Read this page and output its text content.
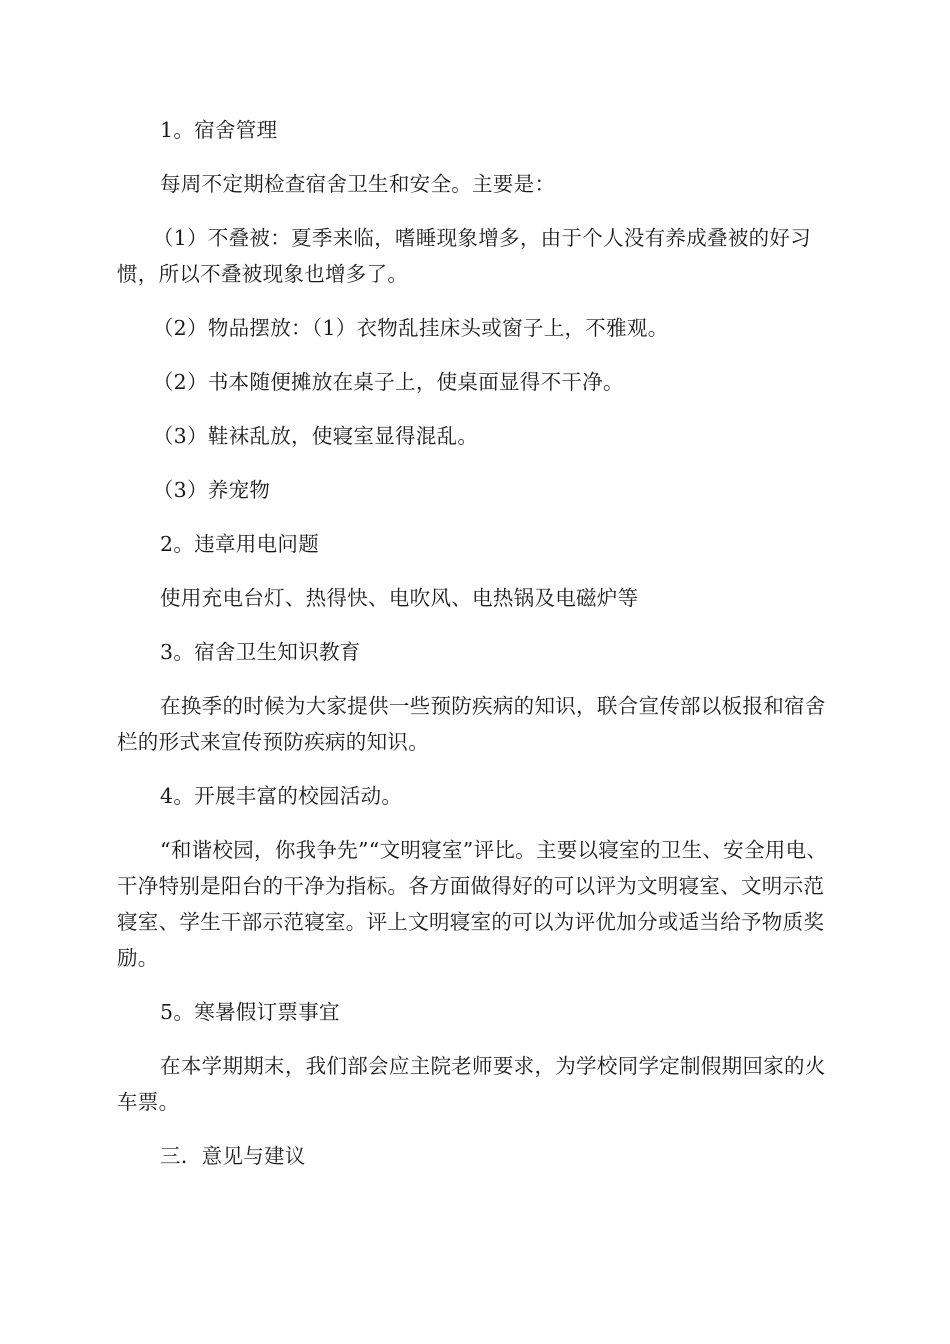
1。宿舍管理

每周不定期检查宿舍卫生和安全。主要是：

（1）不叠被：夏季来临，嗜睡现象增多，由于个人没有养成叠被的好习惯，所以不叠被现象也增多了。

（2）物品摆放：（1）衣物乱挂床头或窗子上，不雅观。

（2）书本随便摊放在桌子上，使桌面显得不干净。

（3）鞋袜乱放，使寝室显得混乱。

（3）养宠物

2。违章用电问题

使用充电台灯、热得快、电吹风、电热锅及电磁炉等

3。宿舍卫生知识教育

在换季的时候为大家提供一些预防疾病的知识，联合宣传部以板报和宿舍栏的形式来宣传预防疾病的知识。

4。开展丰富的校园活动。

“和谐校园，你我争先”“文明寝室”评比。主要以寝室的卫生、安全用电、干净特别是阳台的干净为指标。各方面做得好的可以评为文明寝室、文明示范寝室、学生干部示范寝室。评上文明寝室的可以为评优加分或适当给予物质奖励。

5。寒暑假订票事宜

在本学期期末，我们部会应主院老师要求，为学校同学定制假期回家的火车票。

三．意见与建议
